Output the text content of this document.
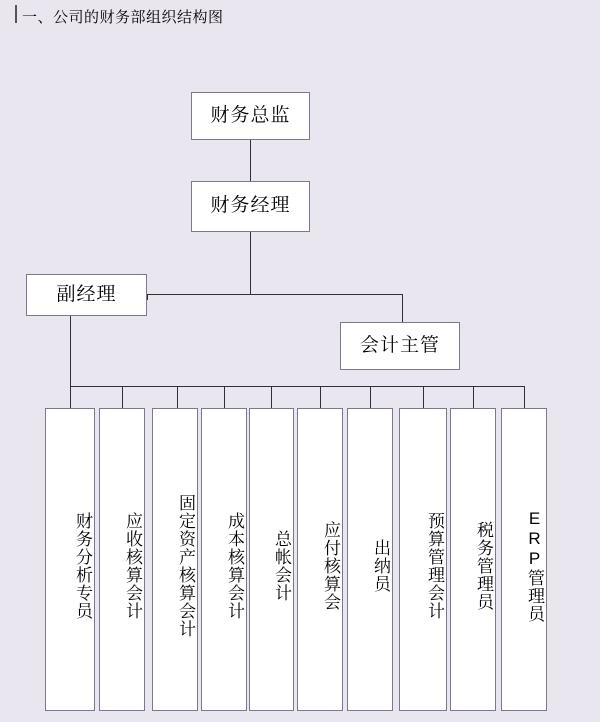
一、公司的财务部组织结构图
财务总监
财务经理
副经理
会计主管
财务分析专员	应收核算会计	固定资产核算会计	成本核算会计	总帐会计	应付核算会	出纳员	预算管理会计	税务管理员	ERP管理员
